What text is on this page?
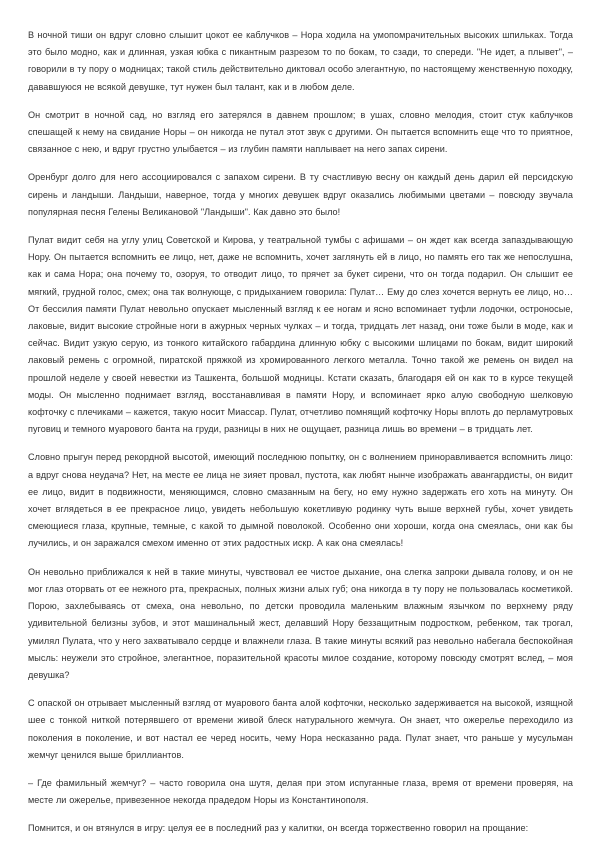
В ночной тиши он вдруг словно слышит цокот ее каблучков – Нора ходила на умопомрачительных высоких шпильках. Тогда это было модно, как и длинная, узкая юбка с пикантным разрезом то по бокам, то сзади, то спереди. "Не идет, а плывет", – говорили в ту пору о модницах; такой стиль действительно диктовал особо элегантную, по настоящему женственную походку, дававшуюся не всякой девушке, тут нужен был талант, как и в любом деле.

Он смотрит в ночной сад, но взгляд его затерялся в давнем прошлом; в ушах, словно мелодия, стоит стук каблучков спешащей к нему на свидание Норы – он никогда не путал этот звук с другими. Он пытается вспомнить еще что то приятное, связанное с нею, и вдруг грустно улыбается – из глубин памяти наплывает на него запах сирени.

Оренбург долго для него ассоциировался с запахом сирени. В ту счастливую весну он каждый день дарил ей персидскую сирень и ландыши. Ландыши, наверное, тогда у многих девушек вдруг оказались любимыми цветами – повсюду звучала популярная песня Гелены Великановой "Ландыши". Как давно это было!

Пулат видит себя на углу улиц Советской и Кирова, у театральной тумбы с афишами – он ждет как всегда запаздывающую Нору. Он пытается вспомнить ее лицо, нет, даже не вспомнить, хочет заглянуть ей в лицо, но память его так же непослушна, как и сама Нора; она почему то, озоруя, то отводит лицо, то прячет за букет сирени, что он тогда подарил. Он слышит ее мягкий, грудной голос, смех; она так волнующе, с придыханием говорила: Пулат… Ему до слез хочется вернуть ее лицо, но… От бессилия памяти Пулат невольно опускает мысленный взгляд к ее ногам и ясно вспоминает туфли лодочки, остроносые, лаковые, видит высокие стройные ноги в ажурных черных чулках – и тогда, тридцать лет назад, они тоже были в моде, как и сейчас. Видит узкую серую, из тонкого китайского габардина длинную юбку с высокими шлицами по бокам, видит широкий лаковый ремень с огромной, пиратской пряжкой из хромированного легкого металла. Точно такой же ремень он видел на прошлой неделе у своей невестки из Ташкента, большой модницы. Кстати сказать, благодаря ей он как то в курсе текущей моды. Он мысленно поднимает взгляд, восстанавливая в памяти Нору, и вспоминает ярко алую свободную шелковую кофточку с плечиками – кажется, такую носит Миассар. Пулат, отчетливо помнящий кофточку Норы вплоть до перламутровых пуговиц и темного муарового банта на груди, разницы в них не ощущает, разница лишь во времени – в тридцать лет.

Словно прыгун перед рекордной высотой, имеющий последнюю попытку, он с волнением приноравливается вспомнить лицо: а вдруг снова неудача? Нет, на месте ее лица не зияет провал, пустота, как любят нынче изображать авангардисты, он видит ее лицо, видит в подвижности, меняющимся, словно смазанным на бегу, но ему нужно задержать его хоть на минуту. Он хочет вглядеться в ее прекрасное лицо, увидеть небольшую кокетливую родинку чуть выше верхней губы, хочет увидеть смеющиеся глаза, крупные, темные, с какой то дымной поволокой. Особенно они хороши, когда она смеялась, они как бы лучились, и он заражался смехом именно от этих радостных искр. А как она смеялась!

Он невольно приближался к ней в такие минуты, чувствовал ее чистое дыхание, она слегка запроки дывала голову, и он не мог глаз оторвать от ее нежного рта, прекрасных, полных жизни алых губ; она никогда в ту пору не пользовалась косметикой. Порою, захлебываясь от смеха, она невольно, по детски проводила маленьким влажным язычком по верхнему ряду удивительной белизны зубов, и этот машинальный жест, делавший Нору беззащитным подростком, ребенком, так трогал, умилял Пулата, что у него захватывало сердце и влажнели глаза. В такие минуты всякий раз невольно набегала беспокойная мысль: неужели это стройное, элегантное, поразительной красоты милое создание, которому повсюду смотрят вслед, – моя девушка?

С опаской он отрывает мысленный взгляд от муарового банта алой кофточки, несколько задерживается на высокой, изящной шее с тонкой ниткой потерявшего от времени живой блеск натурального жемчуга. Он знает, что ожерелье переходило из поколения в поколение, и вот настал ее черед носить, чему Нора несказанно рада. Пулат знает, что раньше у мусульман жемчуг ценился выше бриллиантов.

– Где фамильный жемчуг? – часто говорила она шутя, делая при этом испуганные глаза, время от времени проверяя, на месте ли ожерелье, привезенное некогда прадедом Норы из Константинополя.

Помнится, и он втянулся в игру: целуя ее в последний раз у калитки, он всегда торжественно говорил на прощание:
